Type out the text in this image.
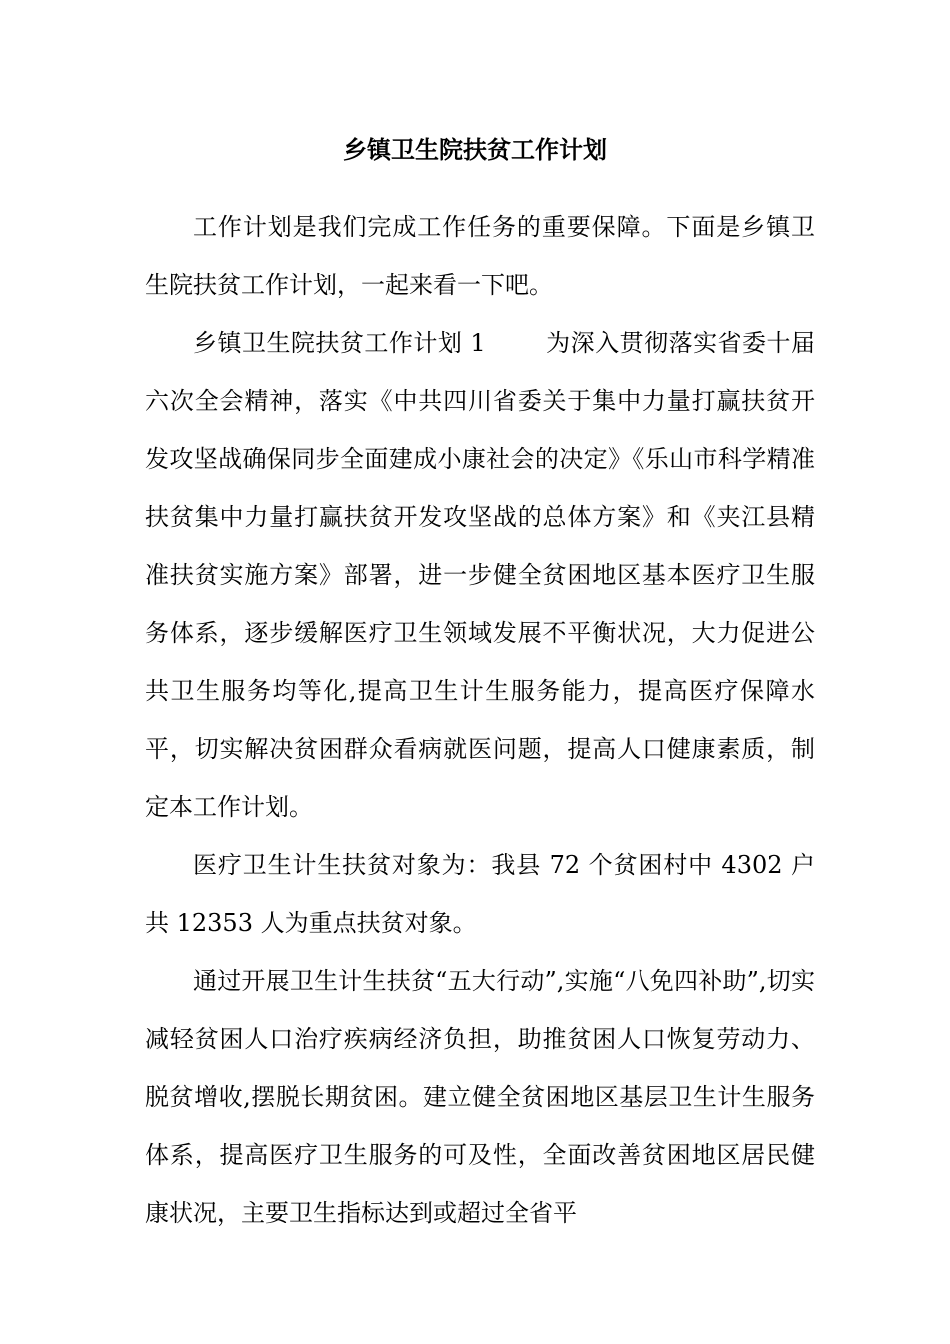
乡镇卫生院扶贫工作计划

工作计划是我们完成工作任务的重要保障。下面是乡镇卫生院扶贫工作计划，一起来看一下吧。

乡镇卫生院扶贫工作计划 1	为深入贯彻落实省委十届六次全会精神，落实《中共四川省委关于集中力量打赢扶贫开发攻坚战确保同步全面建成小康社会的决定》《乐山市科学精准扶贫集中力量打赢扶贫开发攻坚战的总体方案》和《夹江县精准扶贫实施方案》部署，进一步健全贫困地区基本医疗卫生服务体系，逐步缓解医疗卫生领域发展不平衡状况，大力促进公共卫生服务均等化,提高卫生计生服务能力，提高医疗保障水平，切实解决贫困群众看病就医问题，提高人口健康素质，制定本工作计划。

医疗卫生计生扶贫对象为：我县 72 个贫困村中 4302 户共 12353 人为重点扶贫对象。

通过开展卫生计生扶贫“五大行动”,实施“八免四补助”,切实减轻贫困人口治疗疾病经济负担，助推贫困人口恢复劳动力、脱贫增收,摆脱长期贫困。建立健全贫困地区基层卫生计生服务体系，提高医疗卫生服务的可及性，全面改善贫困地区居民健康状况，主要卫生指标达到或超过全省平
